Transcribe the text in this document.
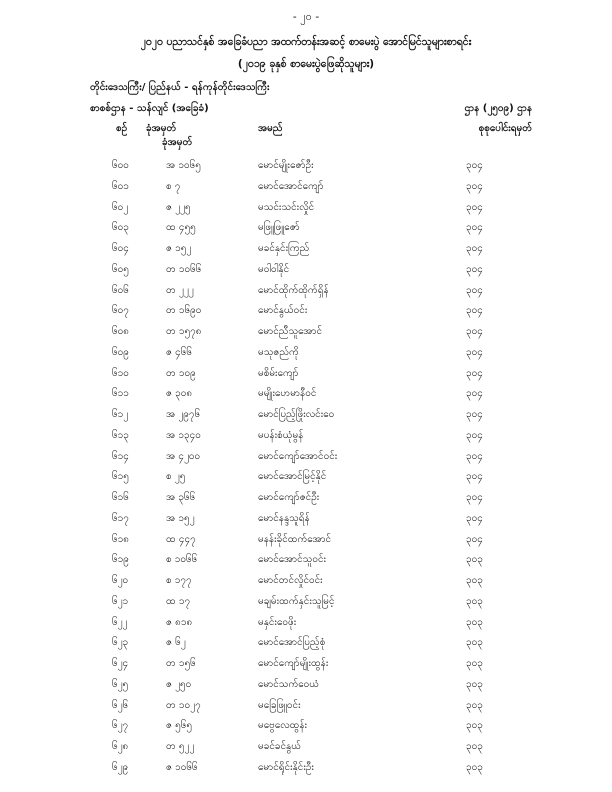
- ၂၀ -
၂၀၂၀ ပညာသင်နှစ် အခြေခံပညာ အထက်တန်းအဆင့် စာမေးပွဲ အောင်မြင်သူများစာရင်း
(၂၀၁၉ ခုနှစ် စာမေးပွဲဖြေဆိုသူများ)
တိုင်းဒေသကြီး/ ပြည်နယ် - ရန်ကုန်တိုင်းဒေသကြီး
စာစစ်ဌာန - သန်လျင် (အခြေခံ)	ဌာန (၂၅၀၉) ဌာန
စဉ် ခုံအမှတ်
ခုံအမှတ်
အမည်	စုစုပေါင်းရမှတ်
၆၀၀	အ ၁၀၆၅	မောင်မျိုးဇော်ဦး	၃၀၄
၆၀၁	စ ၇	မောင်အောင်ကျော်	၃၀၄
၆၀၂	ဇ ၂၂၅	မသင်းသင်းလှိုင်	၃၀၄
၆၀၃	ထ ၄၅၅	မဖြူဖြူဇော်	၃၀၄
၆၀၄	ဇ ၁၅၂	မခင်နှင်းကြည်	၃၀၄
၆၀၅	တ ၁၀၆၆	မဝါဝါနိုင်	၃၀၄
၆၀၆	တ ၂၂၂	မောင်ထိုက်ထိုက်ရှိန်	၃၀၄
၆၀၇	တ ၁၆၉၀	မောင်နွယ်ဝင်း	၃၀၄
၆၀၈	တ ၁၅၇၈	မောင်ညီသူအောင်	၃၀၄
၆၀၉	ဇ ၄၆၆	မသုဇည်ကို	၃၀၄
၆၁၀	တ ၁၀၉	မစိမ်းကျော်	၃၀၄
၆၁၁	ဇ ၃၀၈	မမျိုးဟေမာနီဝင်	၃၀၄
၆၁၂	အ ၂၉၇၆	မောင်ပြည့်ဖြိုးလင်းဝေ	၃၀၄
၆၁၃	အ ၁၃၄၀	မပန်းစံယုံမွန်	၃၀၄
၆၁၄	အ ၄၂၀၀	မောင်ကျော်အောင်ဝင်း	၃၀၄
၆၁၅	စ ၂၅	မောင်အောင်မြင့်နိုင်	၃၀၄
၆၁၆	အ ၃၆၆	မောင်ကျော်ဇင်ဦး	၃၀၄
၆၁၇	အ ၁၅၂	မောင်နန္ဒသူရိန်	၃၀၄
၆၁၈	ထ ၄၄၇	မနန်းခိုင်ထက်အောင်	၃၀၄
၆၁၉	စ ၁၀၆၆	မောင်အောင်သူဝင်း	၃၀၃
၆၂၀	စ ၁၇၇	မောင်တင်လှိုင်ဝင်း	၃၀၃
၆၂၁	ထ ၁၇	မချမ်းထက်နှင်းသူမြင့်	၃၀၃
၆၂၂	ဇ ၈၁၈	မနှင်းဝေဖိုး	၃၀၃
၆၂၃	ဇ ၆၂	မောင်အောင်ပြည့်စုံ	၃၀၃
၆၂၄	တ ၁၅၆	မောင်ကျော်မျိုးထွန်း	၃၀၃
၆၂၅	ဇ ၂၅၀	မောင်သက်ဝေယံ	၃၀၃
၆၂၆	တ ၁၀၂၇	မခြေဖြူဝင်း	၃၀၃
၆၂၇	ဇ ၅၆၅	မဗွေလေထွန်း	၃၀၃
၆၂၈	တ ၅၂၂	မခင်ခင်နွယ်	၃၀၃
၆၂၉	ဇ ၁၀၆၆	မောင်ရိုင်းနိုင်းဦး	၃၀၃
